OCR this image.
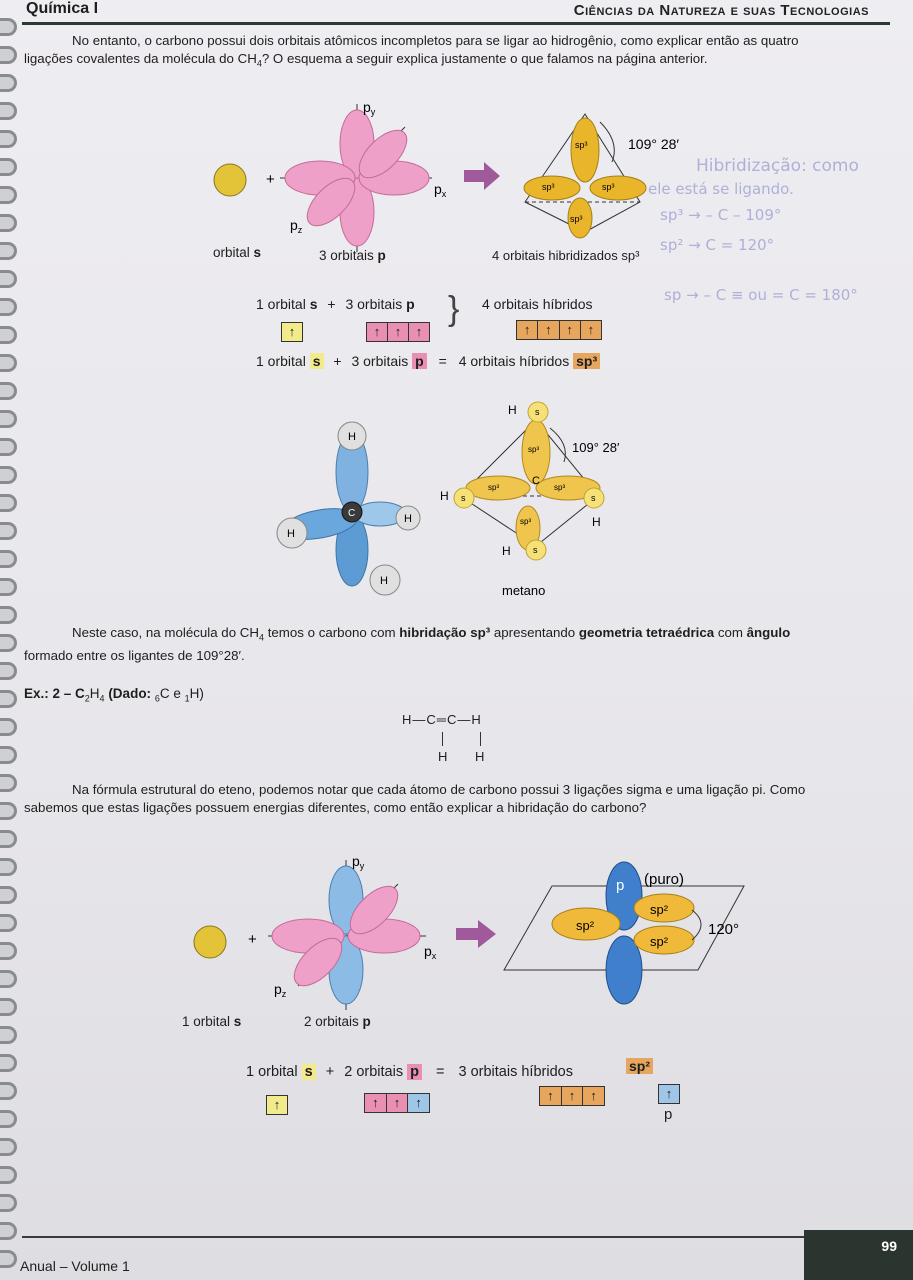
Química I	Ciências da Natureza e suas Tecnologias
No entanto, o carbono possui dois orbitais atômicos incompletos para se ligar ao hidrogênio, como explicar então as quatro
ligações covalentes da molécula do $CH_4$? O esquema a seguir explica justamente o que falamos na página anterior.
+
$p_y$
$p_x$
$p_z$
sp³
sp³	sp³
sp³
109° 28′
orbital s	3 orbitais p	4 orbitais hibridizados sp³
Hibridização: como
ele está se ligando.
sp³ → – C – 109°
sp² → C = 120°
sp → – C ≡ ou = C = 180°
1 orbital s + 3 orbitais p } 4 orbitais híbridos
↑	↑	↑	↑	↑	↑	↑	↑
1 orbital s + 3 orbitais p = 4 orbitais híbridos sp³
C
H
H
H
H
s
s	s
s
H
H
H
H
C
sp³
sp³	sp³
sp³
109° 28′
metano
Neste caso, na molécula do $CH_4$ temos o carbono com hibridação sp³ apresentando geometria tetraédrica com ângulo
formado entre os ligantes de 109°28′.
Ex.: $2 - C_2H_4$ (Dado: $_6$C e $_1$H)
H—C═C—H
H H
Na fórmula estrutural do eteno, podemos notar que cada átomo de carbono possui 3 ligações sigma e uma ligação pi. Como
sabemos que estas ligações possuem energias diferentes, como então explicar a hibridação do carbono?
+
$p_y$
$p_x$
$p_z$
p
sp²
sp²
sp²
(puro)
120°
1 orbital s	2 orbitais p
1 orbital s + 2 orbitais p = 3 orbitais híbridos	sp²
↑	↑	↑	↑	↑	↑	↑	↑
p
Anual – Volume 1
99
